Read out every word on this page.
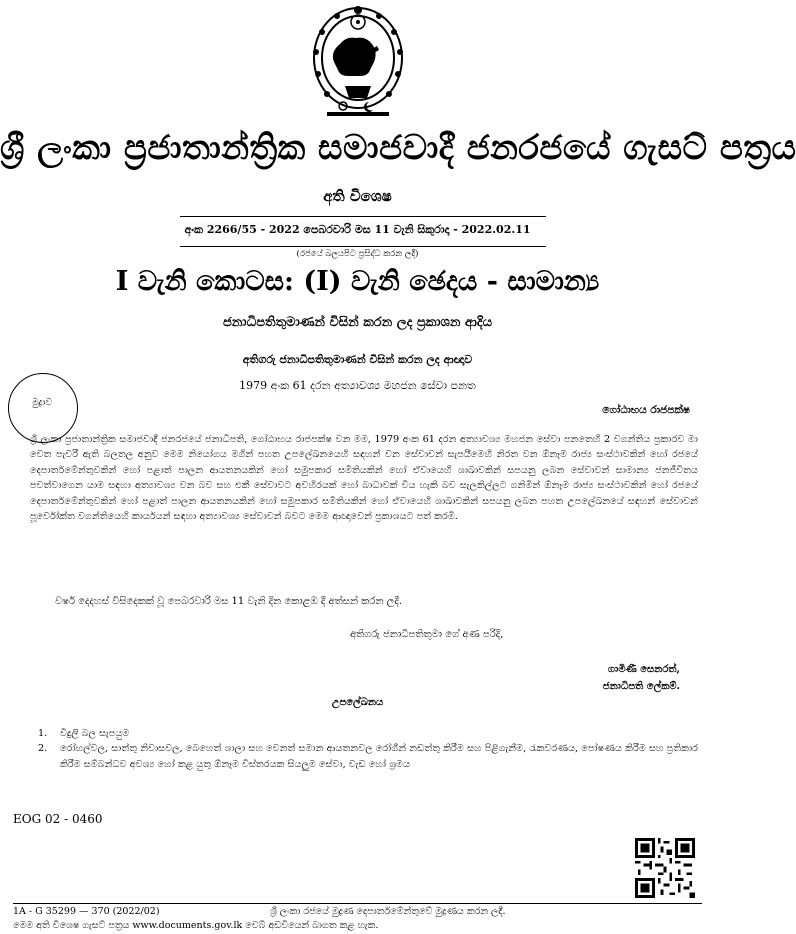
ශ්‍රී ලංකා ප්‍රජාතාන්ත්‍රික සමාජවාදී ජනරජයේ ගැසට් පත්‍රය
අති විශෙෂ
අංක 2266/55 - 2022 පෙබරවාරි මස 11 වැනි සිකුරාදා - 2022.02.11
(රජයේ බලයපිට ප්‍රසිද්ධ කරන ලදී)
I වැනි කොටස: (I) වැනි ඡෙදය - සාමාන්‍ය
ජනාධිපතිතුමාණන් විසින් කරන ලද ප්‍රකාශන ආදිය
අතිගරු ජනාධිපතිතුමාණන් විසින් කරන ලද ආඥාව
1979 අංක 61 දරන අත්‍යාවශ්‍ය මහජන සේවා පනත
මුද්‍රාව
ගෝඨාභය රාජපක්ෂ
ශ්‍රී ලංකා ප්‍රජාතාන්ත්‍රික සමාජවාදී ජනරජයේ ජනාධිපති, ගෝඨාභය රාජපක්ෂ වන මම, 1979 අංක 61 දරන අත්‍යාවශ්‍ය මහජන සේවා පනතෙහි 2 වගන්තිය ප්‍රකාරව මා වෙත පැවරී ඇති බලතල අනුව මෙම නියෝගය මගින් පහත උපලේඛනයෙහි සඳහන් වන සේවාවන් සැපයීමෙහි නිරත වන ඕනෑම රාජ්‍ය සංස්ථාවකින් හෝ රජයේ දෙපාර්තමේන්තුවකින් හෝ පළාත් පාලන ආයතනයකින් හෝ සමුපකාර සමිතියකින් හෝ ඒවායෙහි ශාඛාවකින් සපයනු ලබන සේවාවන් සාමාන්‍ය ජනජීවිතය පවත්වාගෙන යාම සඳහා අත්‍යාවශ්‍ය වන බව සහ එකී සේවාවට අවහිරයක් හෝ බාධාවක් විය හැකි බව සැලකිල්ලට ගනිමින් ඕනෑම රාජ්‍ය සංස්ථාවකින් හෝ රජයේ දෙපාර්තමේන්තුවකින් හෝ පළාත් පාලන ආයතනයකින් හෝ සමුපකාර සමිතියකින් හෝ ඒවායෙහි ශාඛාවකින් සපයනු ලබන පහත උපලේඛනයේ සඳහන් සේවාවන් පූර්වෝක්ත වගන්තියෙහි කාර්යයන් සඳහා අත්‍යාවශ්‍ය සේවාවන් බවට මෙම ආඥාවෙන් ප්‍රකාශයට පත් කරමි.
වර්ෂ දෙදහස් විසිදෙකක් වූ පෙබරවාරි මස 11 වැනි දින කොළඹ දී අත්සන් කරන ලදී.
අතිගරු ජනාධිපතිතුමා ගේ අණ පරිදි,
ගාමිණී සෙනරත්,
ජනාධිපති ලේකම්.
උපලේඛනය
1. විදුලි බල සැපයුම
2. රෝහල්වල, සාත්තු නිවාසවල, බෙහෙත් ශාලා සහ වෙනත් සමාන ආයතනවල රෝගීන් නඩත්තු කිරීම සහ පිළිගැනීම, රැකවරණය, පෝෂණය කිරීම සහ ප්‍රතිකාර කිරීම සම්බන්ධව අවශ්‍ය හෝ කළ යුතු ඕනෑම විස්තරයක සියලුම සේවා, වැඩ හෝ ශ්‍රමය
EOG 02 - 0460
1A - G 35299 — 370 (2022/02)	ශ්‍රී ලංකා රජයේ මුද්‍රණ දෙපාර්තමේන්තුවේ මුද්‍රණය කරන ලදී.
මෙම අති විශෙෂ ගැසට් පත්‍රය www.documents.gov.lk වෙබ් අඩවියෙන් බාගත කළ හැක.
